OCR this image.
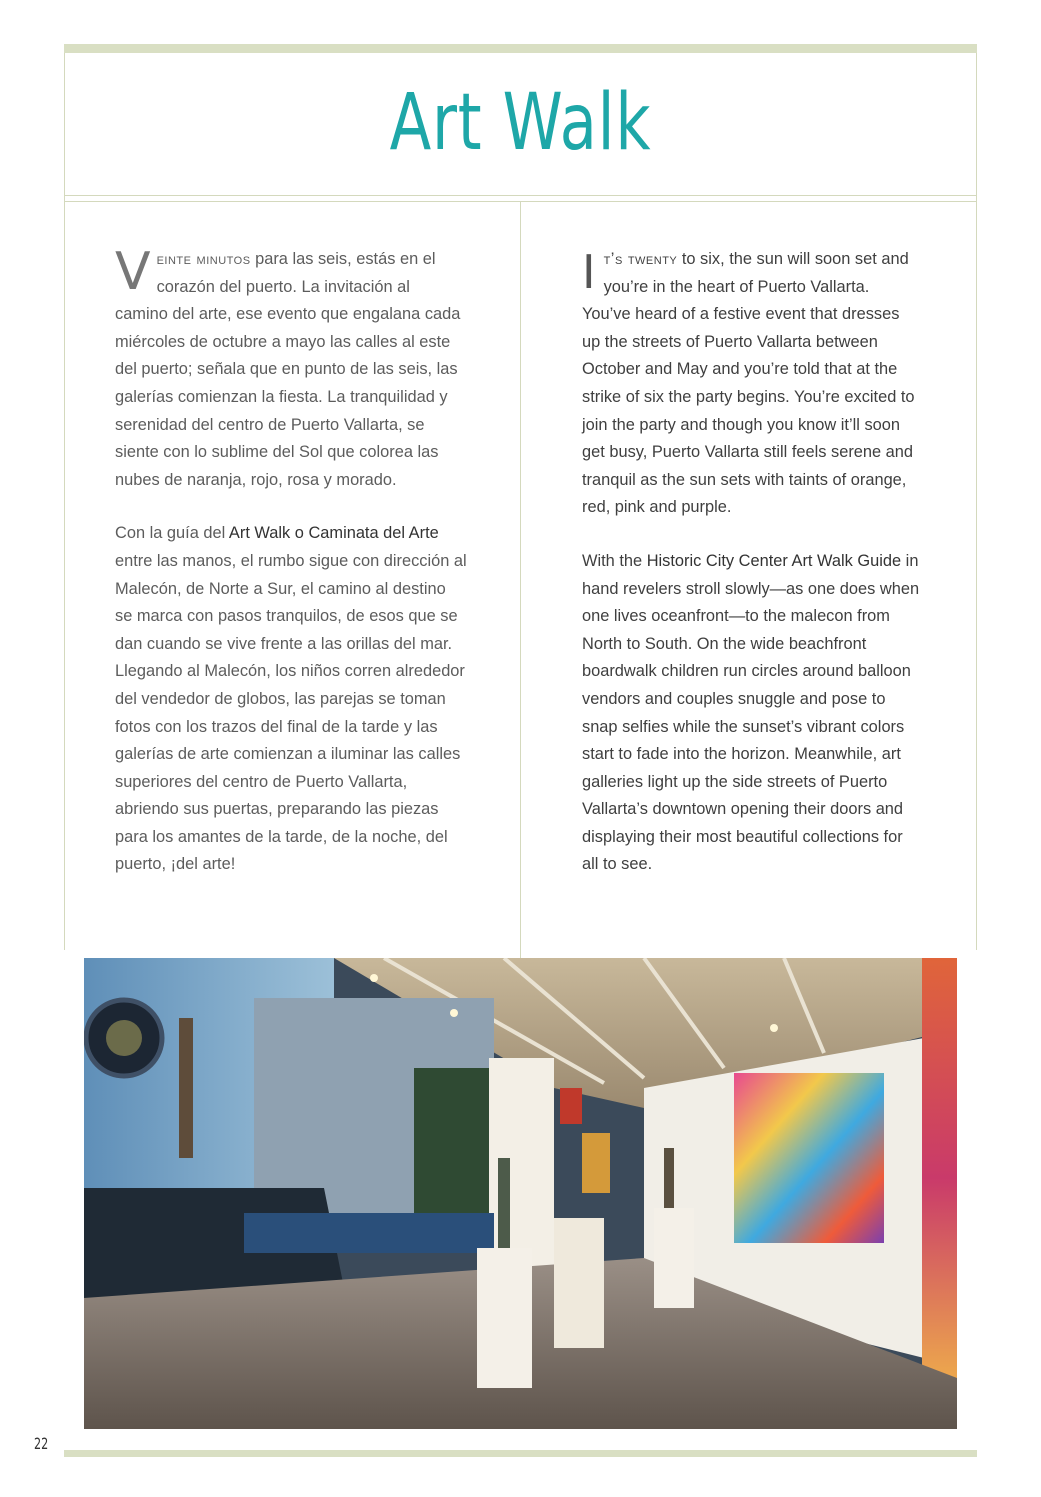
Art Walk

Veinte minutos para las seis, estás en el corazón del puerto. La invitación al camino del arte, ese evento que engalana cada miércoles de octubre a mayo las calles al este del puerto; señala que en punto de las seis, las galerías comienzan la fiesta. La tranquilidad y serenidad del centro de Puerto Vallarta, se siente con lo sublime del Sol que colorea las nubes de naranja, rojo, rosa y morado.

Con la guía del Art Walk o Caminata del Arte entre las manos, el rumbo sigue con dirección al Malecón, de Norte a Sur, el camino al destino se marca con pasos tranquilos, de esos que se dan cuando se vive frente a las orillas del mar. Llegando al Malecón, los niños corren alrededor del vendedor de globos, las parejas se toman fotos con los trazos del final de la tarde y las galerías de arte comienzan a iluminar las calles superiores del centro de Puerto Vallarta, abriendo sus puertas, preparando las piezas para los amantes de la tarde, de la noche, del puerto, ¡del arte!

It’s twenty to six, the sun will soon set and you’re in the heart of Puerto Vallarta. You’ve heard of a festive event that dresses up the streets of Puerto Vallarta between October and May and you’re told that at the strike of six the party begins. You’re excited to join the party and though you know it’ll soon get busy, Puerto Vallarta still feels serene and tranquil as the sun sets with taints of orange, red, pink and purple.

With the Historic City Center Art Walk Guide in hand revelers stroll slowly—as one does when one lives oceanfront—to the malecon from North to South. On the wide beachfront boardwalk children run circles around balloon vendors and couples snuggle and pose to snap selfies while the sunset’s vibrant colors start to fade into the horizon. Meanwhile, art galleries light up the side streets of Puerto Vallarta’s downtown opening their doors and displaying their most beautiful collections for all to see.

22
